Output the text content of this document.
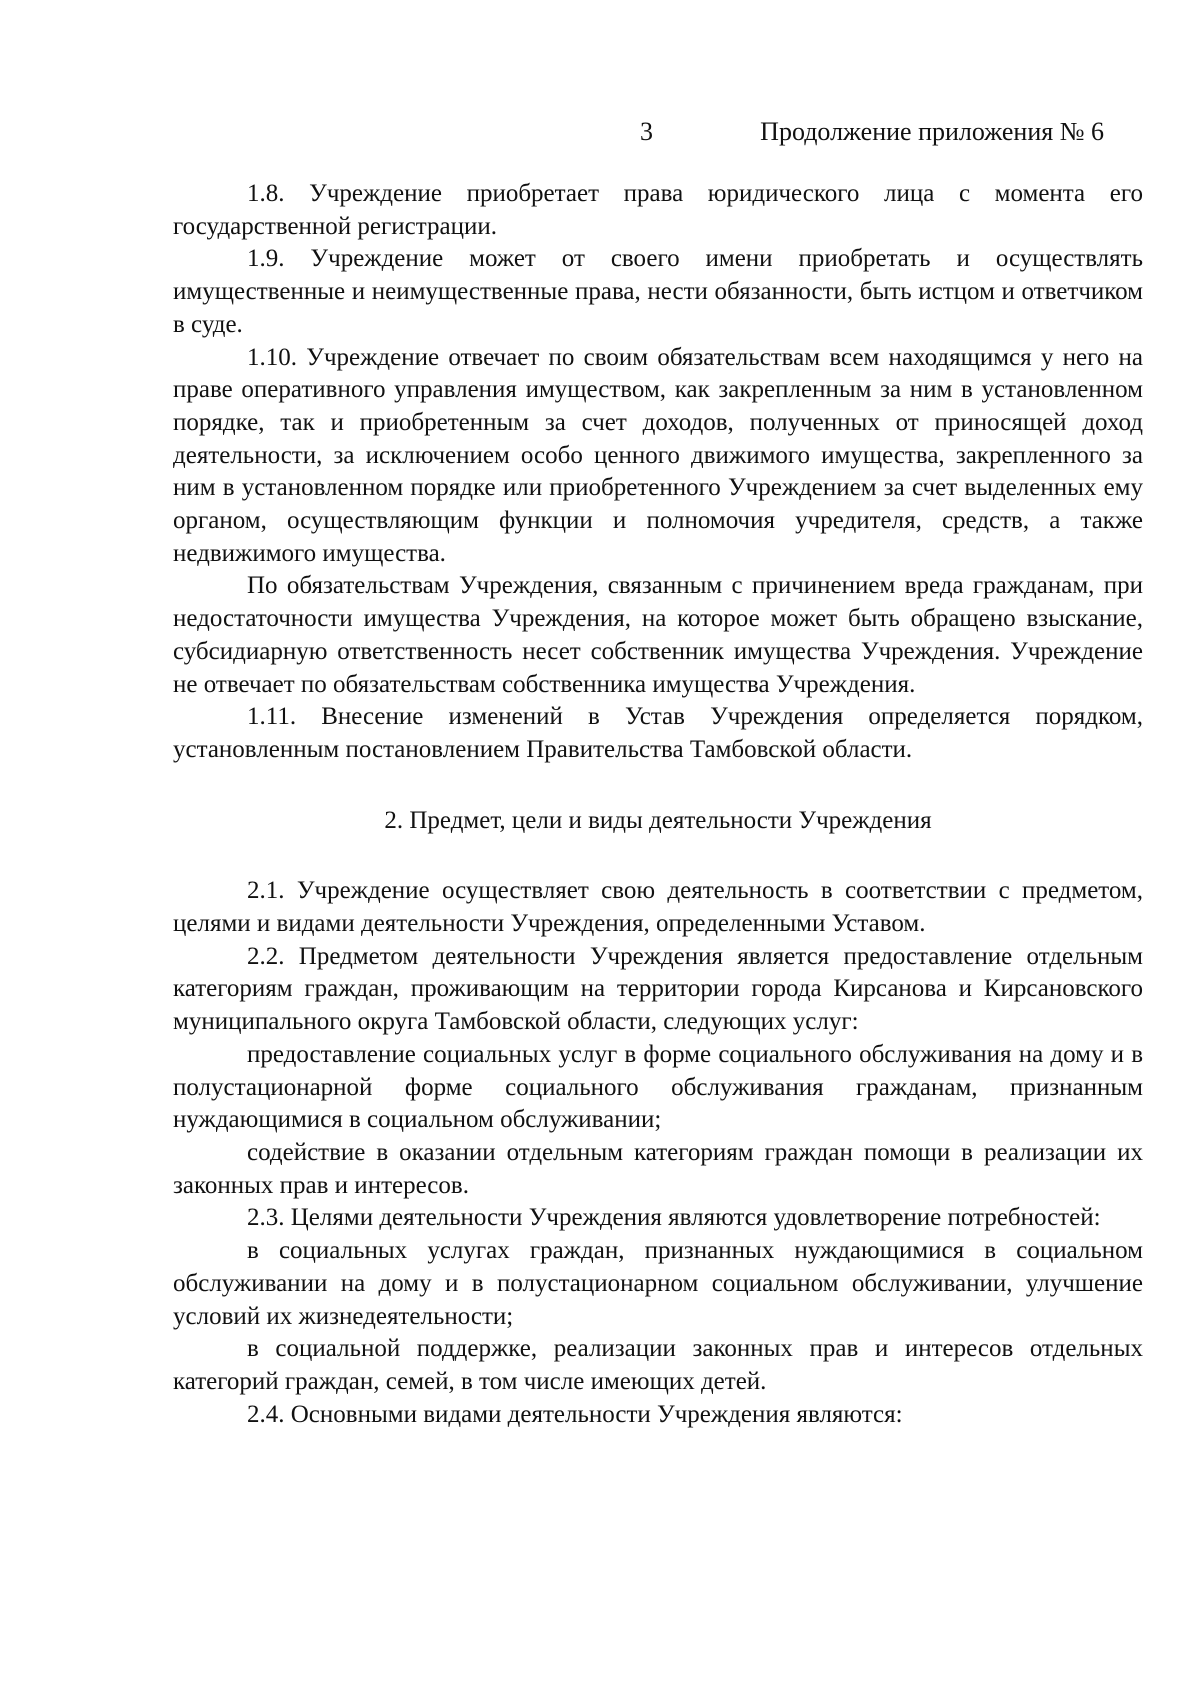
3	Продолжение приложения № 6

1.8. Учреждение приобретает права юридического лица с момента его государственной регистрации.

1.9. Учреждение может от своего имени приобретать и осуществлять имущественные и неимущественные права, нести обязанности, быть истцом и ответчиком в суде.

1.10. Учреждение отвечает по своим обязательствам всем находящимся у него на праве оперативного управления имуществом, как закрепленным за ним в установленном порядке, так и приобретенным за счет доходов, полученных от приносящей доход деятельности, за исключением особо ценного движимого имущества, закрепленного за ним в установленном порядке или приобретенного Учреждением за счет выделенных ему органом, осуществляющим функции и полномочия учредителя, средств, а также недвижимого имущества.

По обязательствам Учреждения, связанным с причинением вреда гражданам, при недостаточности имущества Учреждения, на которое может быть обращено взыскание, субсидиарную ответственность несет собственник имущества Учреждения. Учреждение не отвечает по обязательствам собственника имущества Учреждения.

1.11. Внесение изменений в Устав Учреждения определяется порядком, установленным постановлением Правительства Тамбовской области.

2. Предмет, цели и виды деятельности Учреждения

2.1. Учреждение осуществляет свою деятельность в соответствии с предметом, целями и видами деятельности Учреждения, определенными Уставом.

2.2. Предметом деятельности Учреждения является предоставление отдельным категориям граждан, проживающим на территории города Кирсанова и Кирсановского муниципального округа Тамбовской области, следующих услуг:

предоставление социальных услуг в форме социального обслуживания на дому и в полустационарной форме социального обслуживания гражданам, признанным нуждающимися в социальном обслуживании;

содействие в оказании отдельным категориям граждан помощи в реализации их законных прав и интересов.

2.3. Целями деятельности Учреждения являются удовлетворение потребностей:

в социальных услугах граждан, признанных нуждающимися в социальном обслуживании на дому и в полустационарном социальном обслуживании, улучшение условий их жизнедеятельности;

в социальной поддержке, реализации законных прав и интересов отдельных категорий граждан, семей, в том числе имеющих детей.

2.4. Основными видами деятельности Учреждения являются:
